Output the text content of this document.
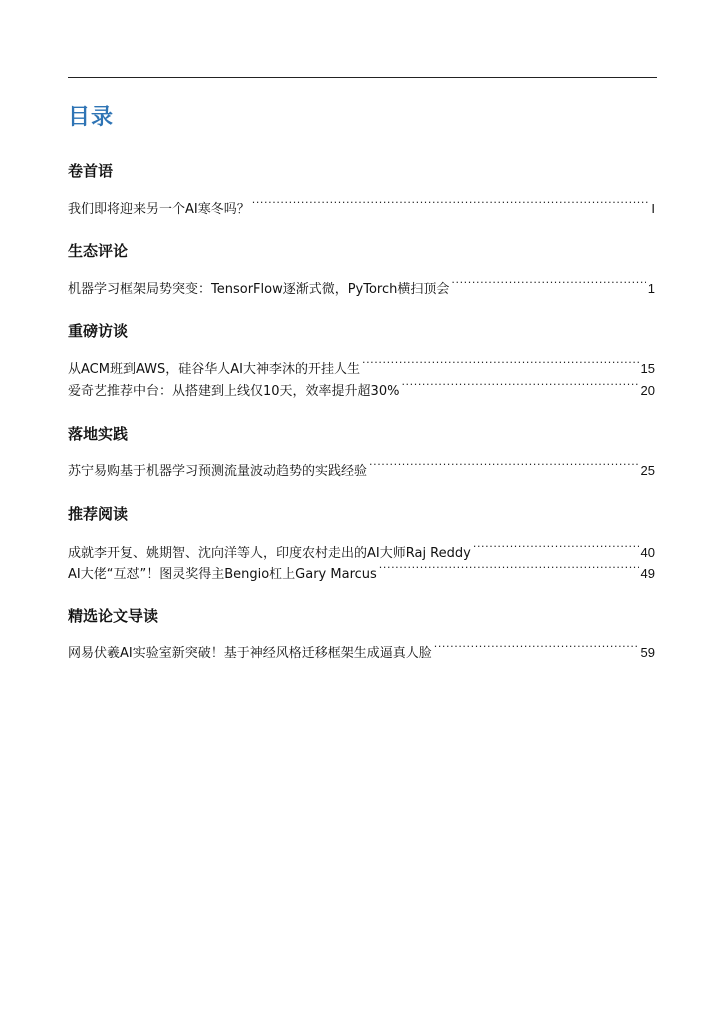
目录
卷首语
我们即将迎来另一个AI寒冬吗？ .....	I
生态评论
机器学习框架局势突变：TensorFlow逐渐式微，PyTorch横扫顶会 .....	1
重磅访谈
从ACM班到AWS，硅谷华人AI大神李沐的开挂人生 .....	15
爱奇艺推荐中台：从搭建到上线仅10天，效率提升超30% .....	20
落地实践
苏宁易购基于机器学习预测流量波动趋势的实践经验 .....	25
推荐阅读
成就李开复、姚期智、沈向洋等人，印度农村走出的AI大师Raj Reddy .....	40
AI大佬“互怼”！图灵奖得主Bengio杠上Gary Marcus .....	49
精选论文导读
网易伏羲AI实验室新突破！基于神经风格迁移框架生成逼真人脸 .....	59
